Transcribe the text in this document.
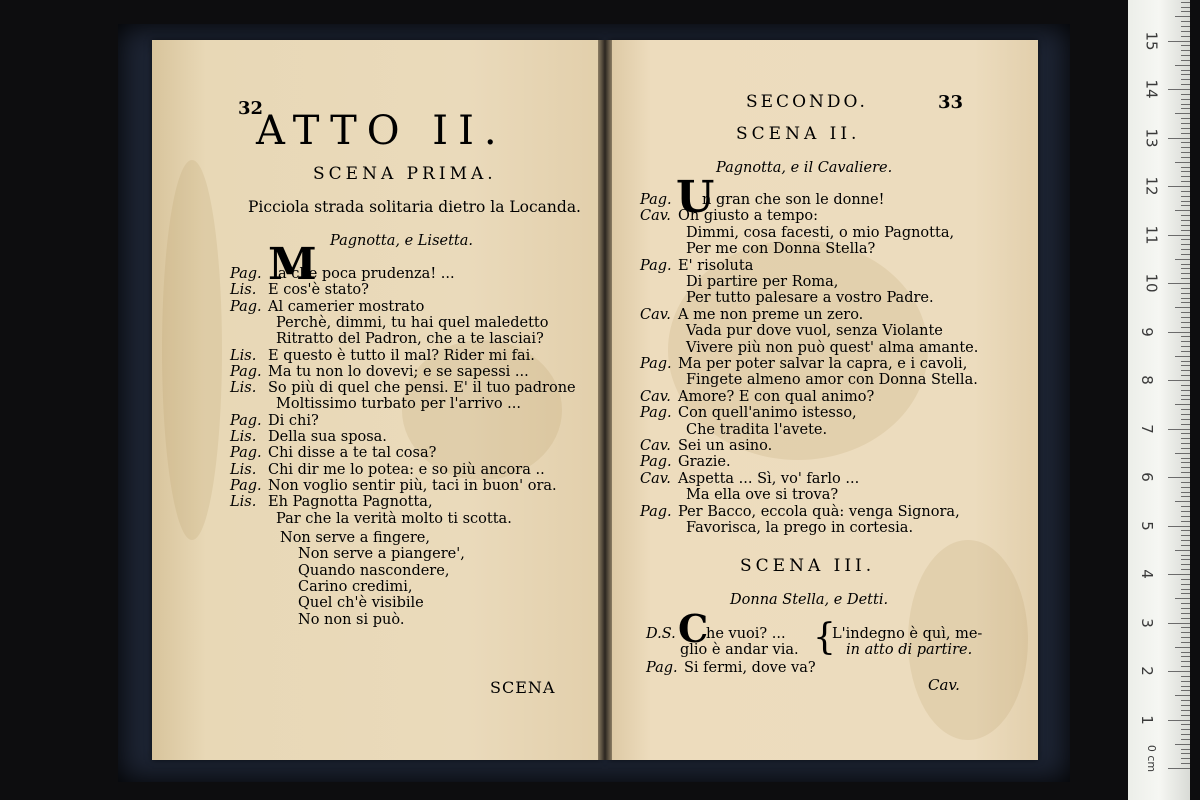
32
ATTO II.
SCENA PRIMA.
Picciola strada solitaria dietro la Locanda.
Pagnotta, e Lisetta.
M
Pag. a che poca prudenza! ...
Lis. E cos'è stato?
Pag. Al camerier mostrato
Perchè, dimmi, tu hai quel maledetto
Ritratto del Padron, che a te lasciai?
Lis. E questo è tutto il mal? Rider mi fai.
Pag. Ma tu non lo dovevi; e se sapessi ...
Lis. So più di quel che pensi. E' il tuo padrone
Moltissimo turbato per l'arrivo ...
Pag. Di chi?
Lis. Della sua sposa.
Pag. Chi disse a te tal cosa?
Lis. Chi dir me lo potea: e so più ancora ..
Pag. Non voglio sentir più, taci in buon' ora.
Lis. Eh Pagnotta Pagnotta,
Par che la verità molto ti scotta.
Non serve a fingere,
Non serve a piangere',
Quando nascondere,
Carino credimi,
Quel ch'è visibile
No non si può.
SCENA
SECONDO.	33
SCENA II.
Pagnotta, e il Cavaliere.
U
Pag. n gran che son le donne!
Cav. Oh giusto a tempo:
Dimmi, cosa facesti, o mio Pagnotta,
Per me con Donna Stella?
Pag. E' risoluta
Di partire per Roma,
Per tutto palesare a vostro Padre.
Cav. A me non preme un zero.
Vada pur dove vuol, senza Violante
Vivere più non può quest' alma amante.
Pag. Ma per poter salvar la capra, e i cavoli,
Fingete almeno amor con Donna Stella.
Cav. Amore? E con qual animo?
Pag. Con quell'animo istesso,
Che tradita l'avete.
Cav. Sei un asino.
Pag. Grazie.
Cav. Aspetta ... Sì, vo' farlo ...
Ma ella ove si trova?
Pag. Per Bacco, eccola quà: venga Signora,
Favorisca, la prego in cortesia.
SCENA III.
Donna Stella, e Detti.
D.S. C
he vuoi? ...
glio è andar via. {
L'indegno è quì, me-
in atto di partire.
Pag. Si fermi, dove va?
Cav.
0 cm
1
2
3
4
5
6
7
8
9
10
11
12
13
14
15
